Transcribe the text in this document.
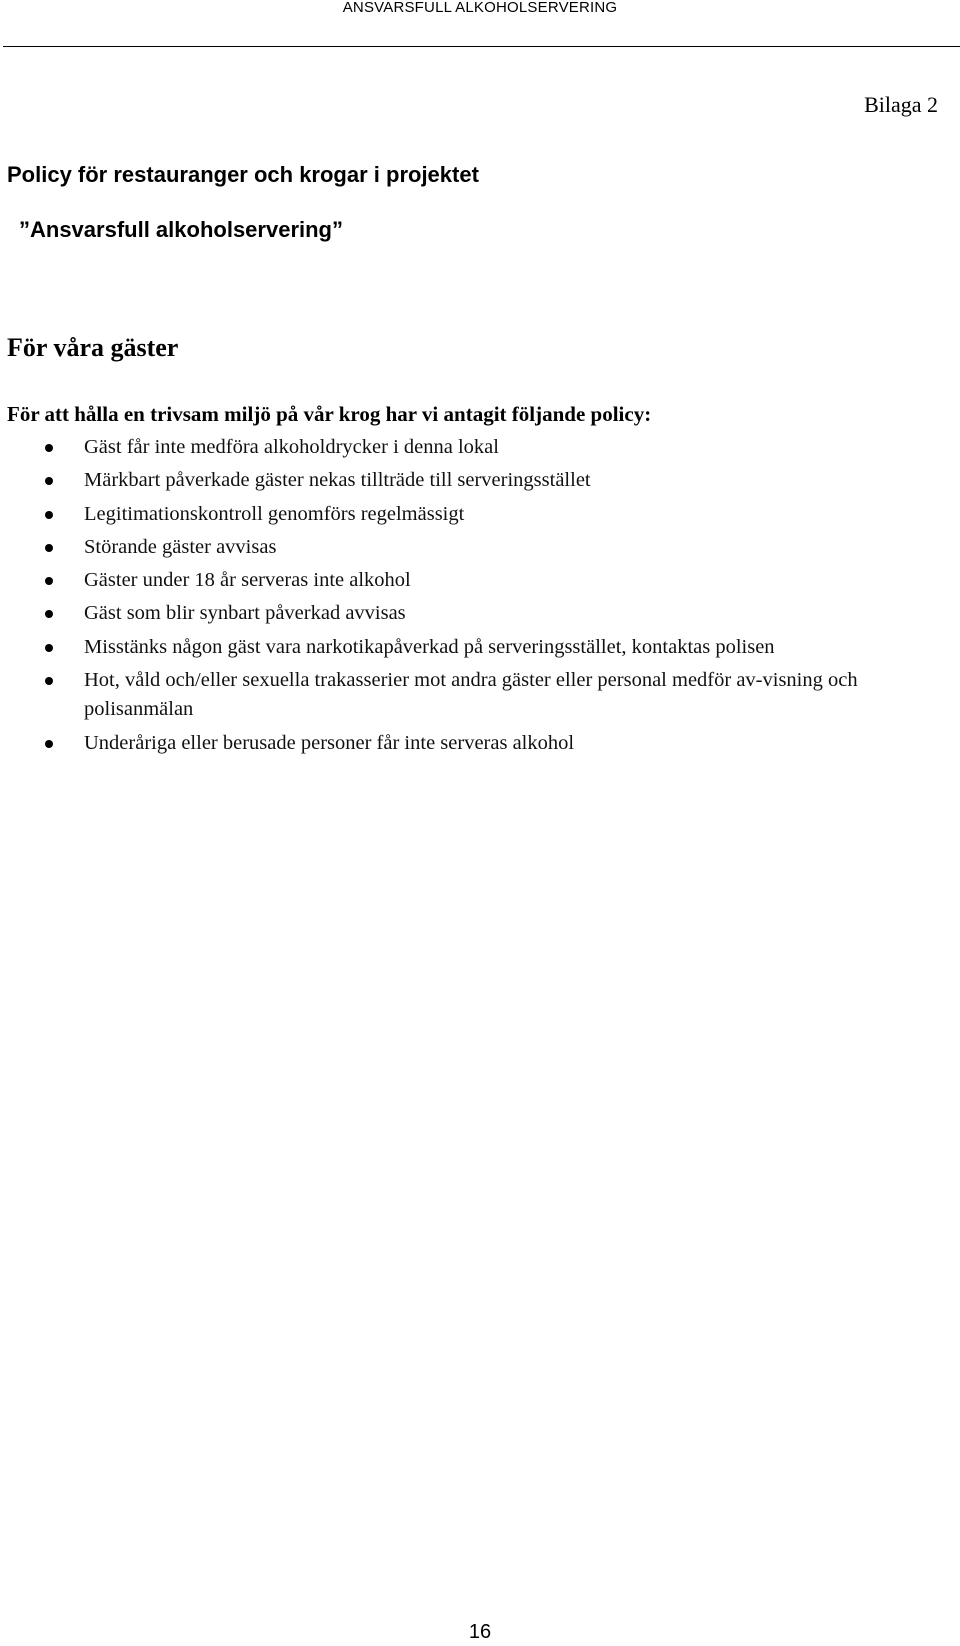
ANSVARSFULL ALKOHOLSERVERING
Bilaga 2
Policy för restauranger och krogar i projektet
”Ansvarsfull alkoholservering”
För våra gäster

För att hålla en trivsam miljö på vår krog har vi antagit följande policy:

Gäst får inte medföra alkoholdrycker i denna lokal
Märkbart påverkade gäster nekas tillträde till serveringsstället
Legitimationskontroll genomförs regelmässigt
Störande gäster avvisas
Gäster under 18 år serveras inte alkohol
Gäst som blir synbart påverkad avvisas
Misstänks någon gäst vara narkotikapåverkad på serveringsstället, kontaktas polisen
Hot, våld och/eller sexuella trakasserier mot andra gäster eller personal medför av-visning och polisanmälan
Underåriga eller berusade personer får inte serveras alkohol
16
